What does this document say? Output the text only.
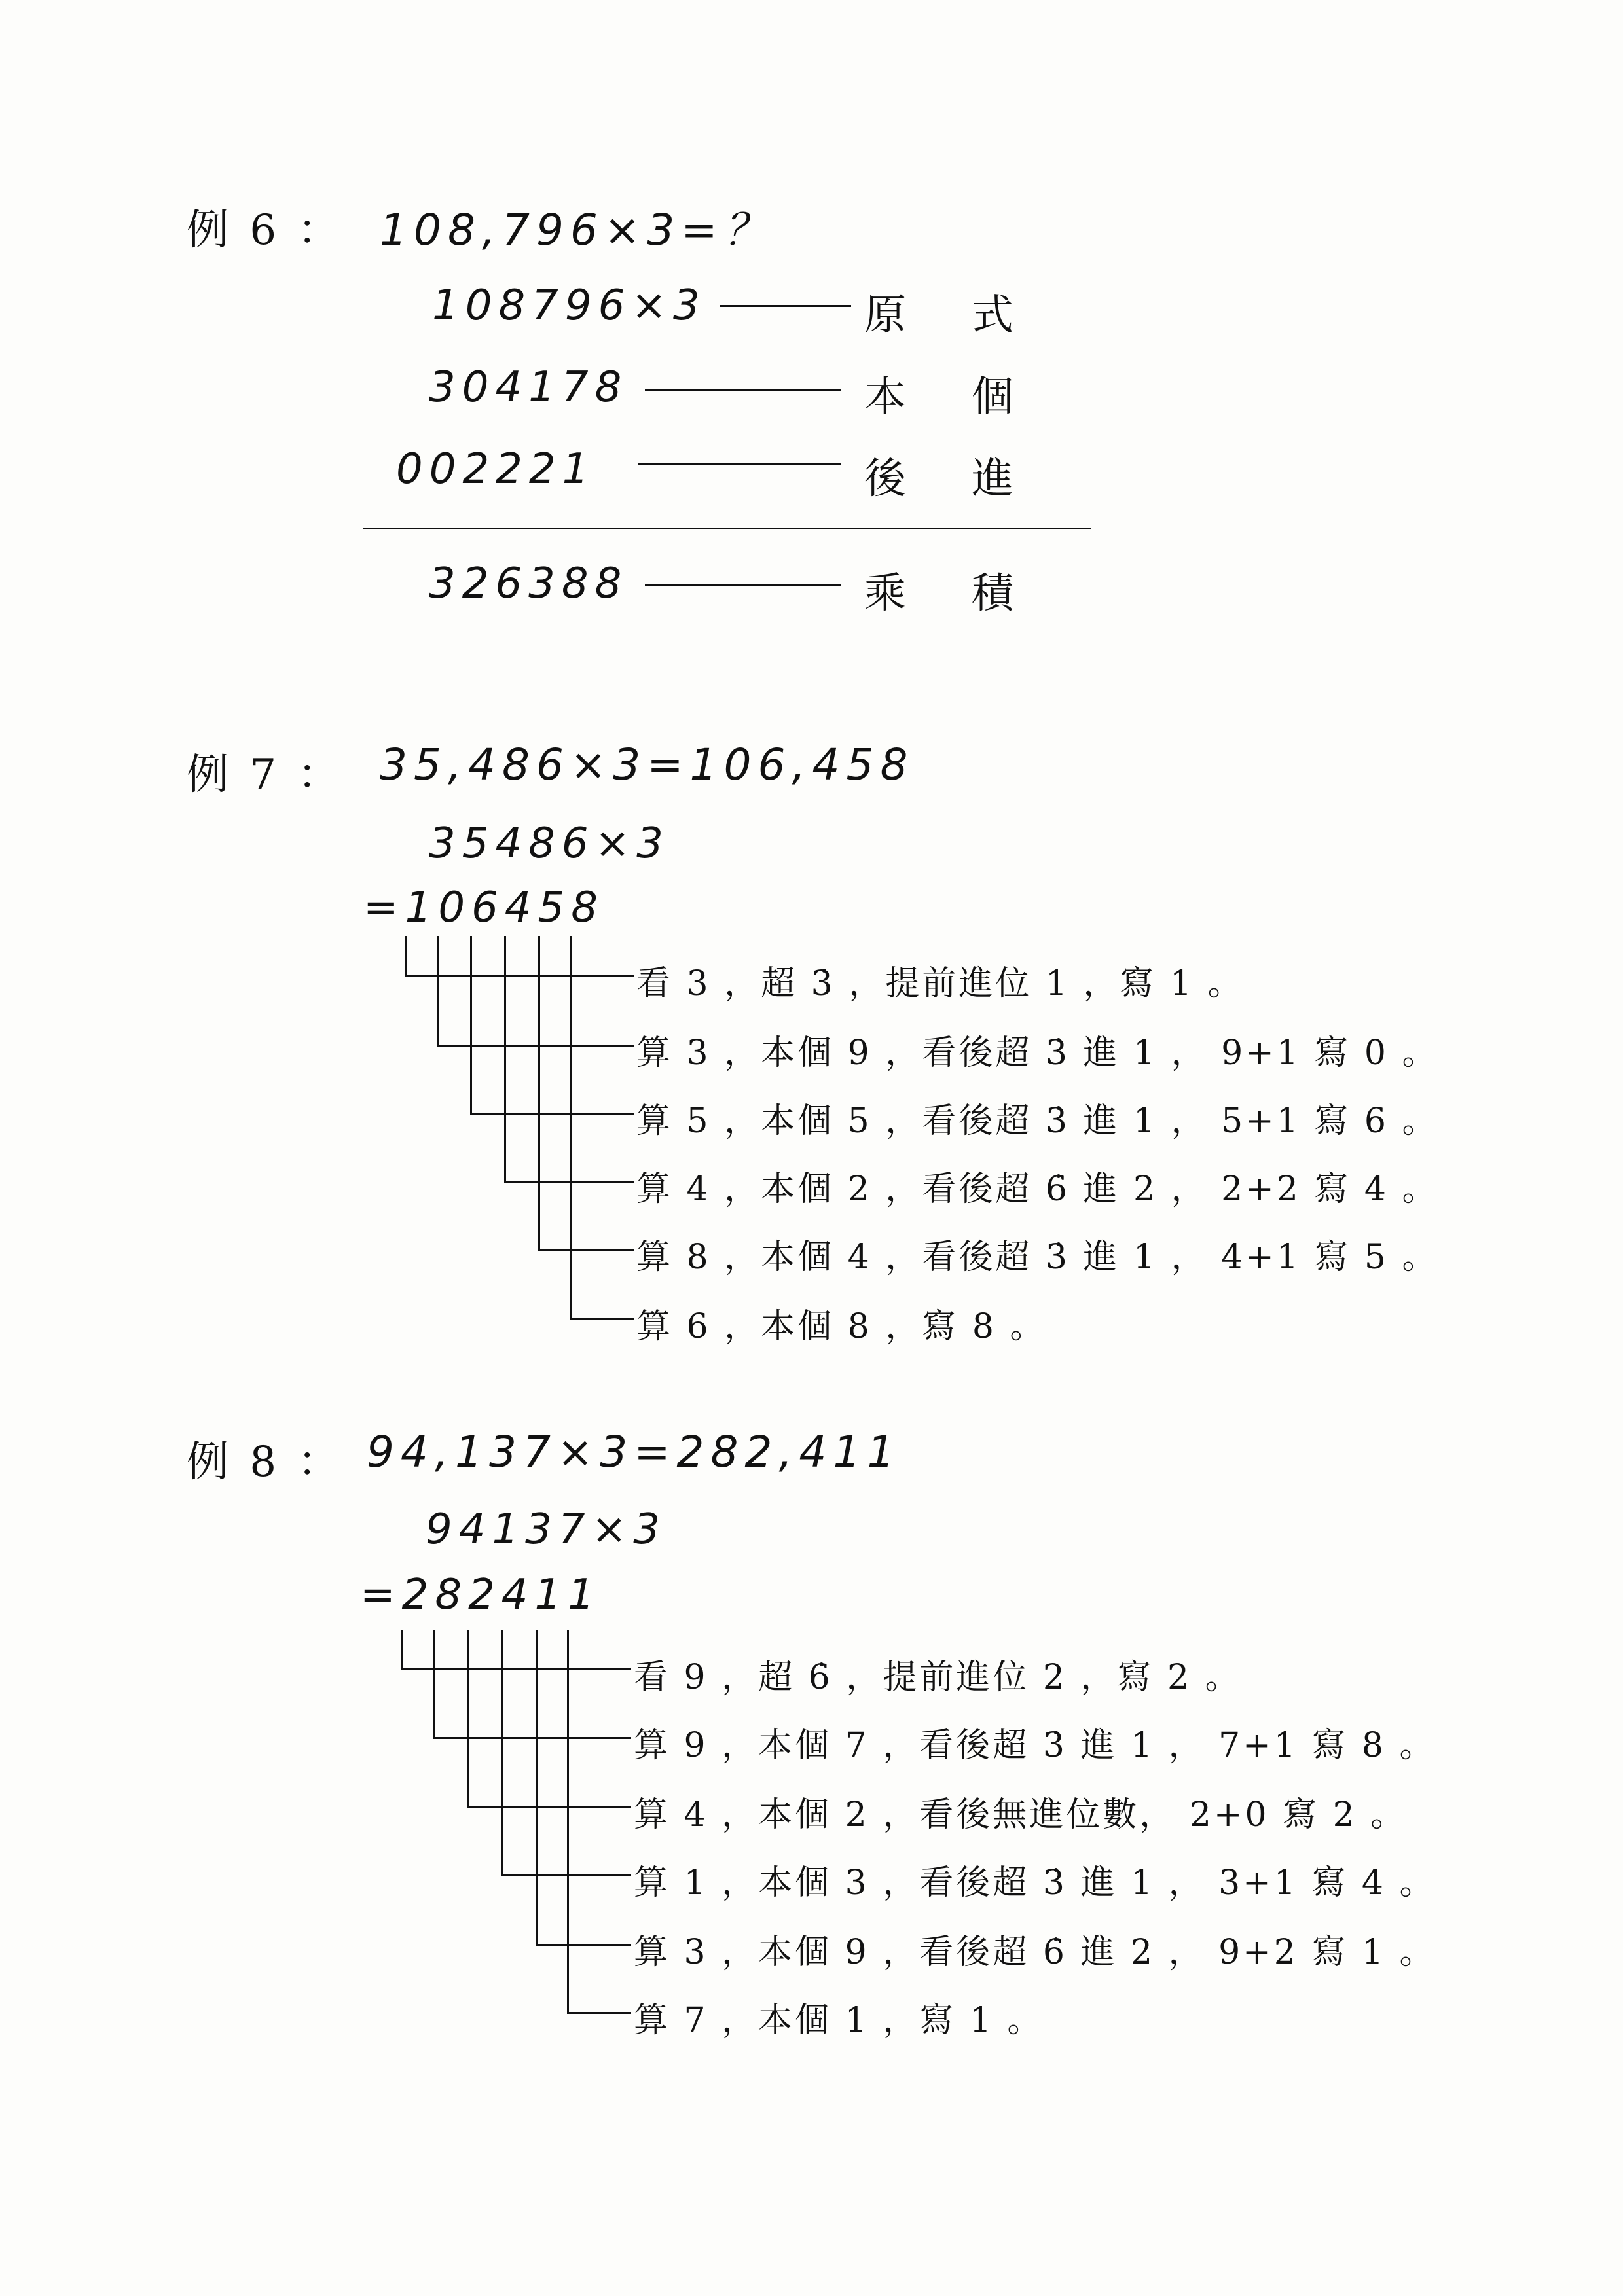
例 6 ： 108,796×3=？
108796×3	原式
304178	本個
002221	後進
326388	乘積
例 7 ： 35,486×3=106,458
35486×3
=106458
看 3 ，超 3̇ ，提前進位 1 ，寫 1 。
算 3 ，本個 9 ，看後超 3̇ 進 1 ， 9+1 寫 0 。
算 5 ，本個 5 ，看後超 3̇ 進 1 ， 5+1 寫 6 。
算 4 ，本個 2 ，看後超 6̇ 進 2 ， 2+2 寫 4 。
算 8 ，本個 4 ，看後超 3̇ 進 1 ， 4+1 寫 5 。
算 6 ，本個 8 ，寫 8 。
例 8 ： 94,137×3=282,411
94137×3
=282411
看 9 ，超 6̇ ，提前進位 2 ，寫 2 。
算 9 ，本個 7 ，看後超 3̇ 進 1 ， 7+1 寫 8 。
算 4 ，本個 2 ，看後無進位數， 2+0 寫 2 。
算 1 ，本個 3 ，看後超 3̇ 進 1 ， 3+1 寫 4 。
算 3 ，本個 9 ，看後超 6̇ 進 2 ， 9+2 寫 1 。
算 7 ，本個 1 ，寫 1 。
